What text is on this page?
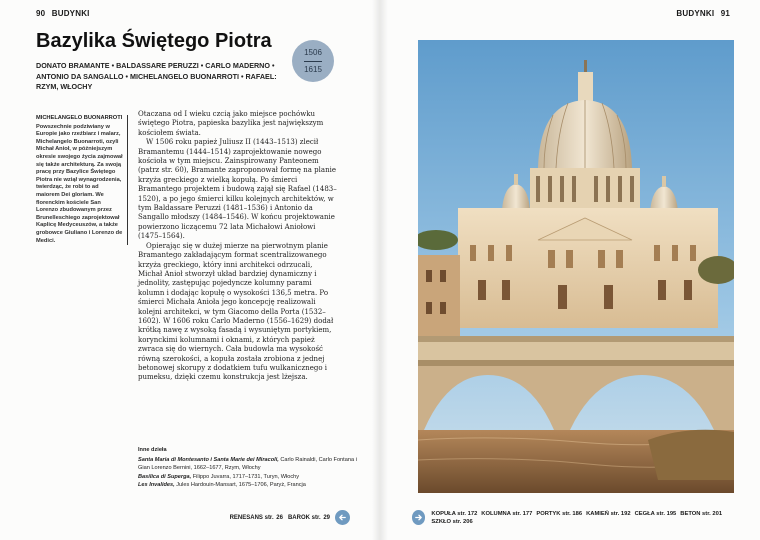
90 BUDYNKI
Bazylika Świętego Piotra
DONATO BRAMANTE • BALDASSARE PERUZZI • CARLO MADERNO • ANTONIO DA SANGALLO • MICHELANGELO BUONARROTI • RAFAEL: RZYM, WŁOCHY
1506
1615
MICHELANGELO BUONARROTI
Powszechnie podziwiany w Europie jako rzeźbiarz i malarz, Michelangelo Buonarroti, ozyli Michał Anioł, w późniejszym okresie swojego życia zajmował się także architekturą. Za swoją pracę przy Bazylice Świętego Piotra nie wziął wynagrodzenia, twierdząc, że robi to ad maiorem Dei gloriam. We florenckim kościele San Lorenzo zbudowanym przez Brunelleschiego zaprojektował Kaplicę Medyceuszów, a także grobowce Giuliano i Lorenzo de Medici.

Otaczana od I wieku czcią jako miejsce pochówku świętego Piotra, papieska bazylika jest największym kościołem świata.

W 1506 roku papież Juliusz II (1443–1513) zlecił Bramantemu (1444–1514) zaprojektowanie nowego kościoła w tym miejscu. Zainspirowany Panteonem (patrz str. 60), Bramante zaproponował formę na planie krzyża greckiego z wielką kopułą. Po śmierci Bramantego projektem i budową zajął się Rafael (1483–1520), a po jego śmierci kilku kolejnych architektów, w tym Baldassare Peruzzi (1481–1536) i Antonio da Sangallo młodszy (1484–1546). W końcu projektowanie powierzono liczącemu 72 lata Michałowi Aniołowi (1475–1564).

Opierając się w dużej mierze na pierwotnym planie Bramantego zakładającym format scentralizowanego krzyża greckiego, który inni architekci odrzucali, Michał Anioł stworzył układ bardziej dynamiczny i jednolity, zastępując pojedyncze kolumny parami kolumn i dodając kopułę o wysokości 136,5 metra. Po śmierci Michała Anioła jego koncepcję realizowali kolejni architekci, w tym Giacomo della Porta (1532–1602). W 1606 roku Carlo Maderno (1556–1629) dodał krótką nawę z wysoką fasadą i wysuniętym portykiem, korynckimi kolumnami i oknami, z których papież zwraca się do wiernych. Cała budowla ma wysokość równą szerokości, a kopuła została zrobiona z jednej betonowej skorupy z dodatkiem tufu wulkanicznego i pumeksu, dzięki czemu konstrukcja jest lżejsza.

Inne dzieła
Santa Maria di Montesanto i Santa Marie dei Miracoli, Carlo Rainaldi, Carlo Fontana i Gian Lorenzo Bernini, 1662–1677, Rzym, Włochy
Basilica di Superga, Filippo Juvarra, 1717–1731, Turyn, Włochy
Les Invalides, Jules Hardouin-Mansart, 1675–1706, Paryż, Francja
RENESANS str. 26 BAROK str. 29
BUDYNKI 91
KOPUŁA str. 172 KOLUMNA str. 177 PORTYK str. 186 KAMIEŃ str. 192 CEGŁA str. 195 BETON str. 201
SZKŁO str. 206
